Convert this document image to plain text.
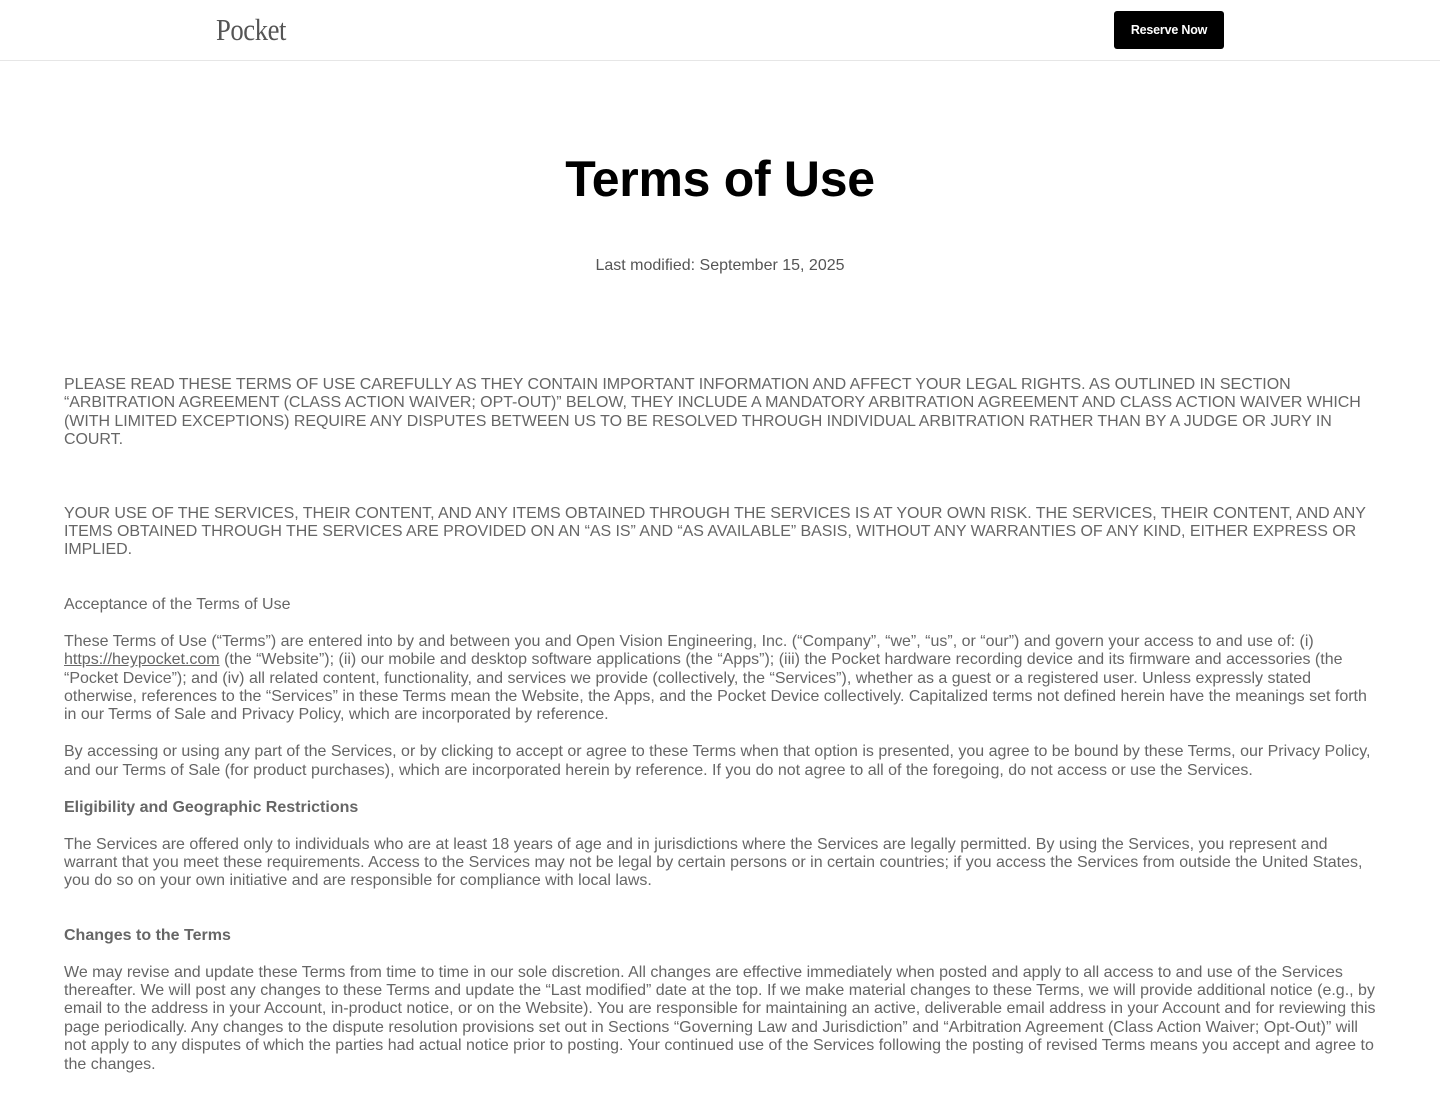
Pocket	Reserve Now
Terms of Use
Last modified: September 15, 2025

PLEASE READ THESE TERMS OF USE CAREFULLY AS THEY CONTAIN IMPORTANT INFORMATION AND AFFECT YOUR LEGAL RIGHTS. AS OUTLINED IN SECTION “ARBITRATION AGREEMENT (CLASS ACTION WAIVER; OPT-OUT)” BELOW, THEY INCLUDE A MANDATORY ARBITRATION AGREEMENT AND CLASS ACTION WAIVER WHICH (WITH LIMITED EXCEPTIONS) REQUIRE ANY DISPUTES BETWEEN US TO BE RESOLVED THROUGH INDIVIDUAL ARBITRATION RATHER THAN BY A JUDGE OR JURY IN COURT.

YOUR USE OF THE SERVICES, THEIR CONTENT, AND ANY ITEMS OBTAINED THROUGH THE SERVICES IS AT YOUR OWN RISK. THE SERVICES, THEIR CONTENT, AND ANY ITEMS OBTAINED THROUGH THE SERVICES ARE PROVIDED ON AN “AS IS” AND “AS AVAILABLE” BASIS, WITHOUT ANY WARRANTIES OF ANY KIND, EITHER EXPRESS OR IMPLIED.

Acceptance of the Terms of Use

These Terms of Use (“Terms”) are entered into by and between you and Open Vision Engineering, Inc. (“Company”, “we”, “us”, or “our”) and govern your access to and use of: (i) https://heypocket.com (the “Website”); (ii) our mobile and desktop software applications (the “Apps”); (iii) the Pocket hardware recording device and its firmware and accessories (the “Pocket Device”); and (iv) all related content, functionality, and services we provide (collectively, the “Services”), whether as a guest or a registered user. Unless expressly stated otherwise, references to the “Services” in these Terms mean the Website, the Apps, and the Pocket Device collectively. Capitalized terms not defined herein have the meanings set forth in our Terms of Sale and Privacy Policy, which are incorporated by reference.

By accessing or using any part of the Services, or by clicking to accept or agree to these Terms when that option is presented, you agree to be bound by these Terms, our Privacy Policy, and our Terms of Sale (for product purchases), which are incorporated herein by reference. If you do not agree to all of the foregoing, do not access or use the Services.

Eligibility and Geographic Restrictions

The Services are offered only to individuals who are at least 18 years of age and in jurisdictions where the Services are legally permitted. By using the Services, you represent and warrant that you meet these requirements. Access to the Services may not be legal by certain persons or in certain countries; if you access the Services from outside the United States, you do so on your own initiative and are responsible for compliance with local laws.

Changes to the Terms

We may revise and update these Terms from time to time in our sole discretion. All changes are effective immediately when posted and apply to all access to and use of the Services thereafter. We will post any changes to these Terms and update the “Last modified” date at the top. If we make material changes to these Terms, we will provide additional notice (e.g., by email to the address in your Account, in-product notice, or on the Website). You are responsible for maintaining an active, deliverable email address in your Account and for reviewing this page periodically. Any changes to the dispute resolution provisions set out in Sections “Governing Law and Jurisdiction” and “Arbitration Agreement (Class Action Waiver; Opt-Out)” will not apply to any disputes of which the parties had actual notice prior to posting. Your continued use of the Services following the posting of revised Terms means you accept and agree to the changes.
